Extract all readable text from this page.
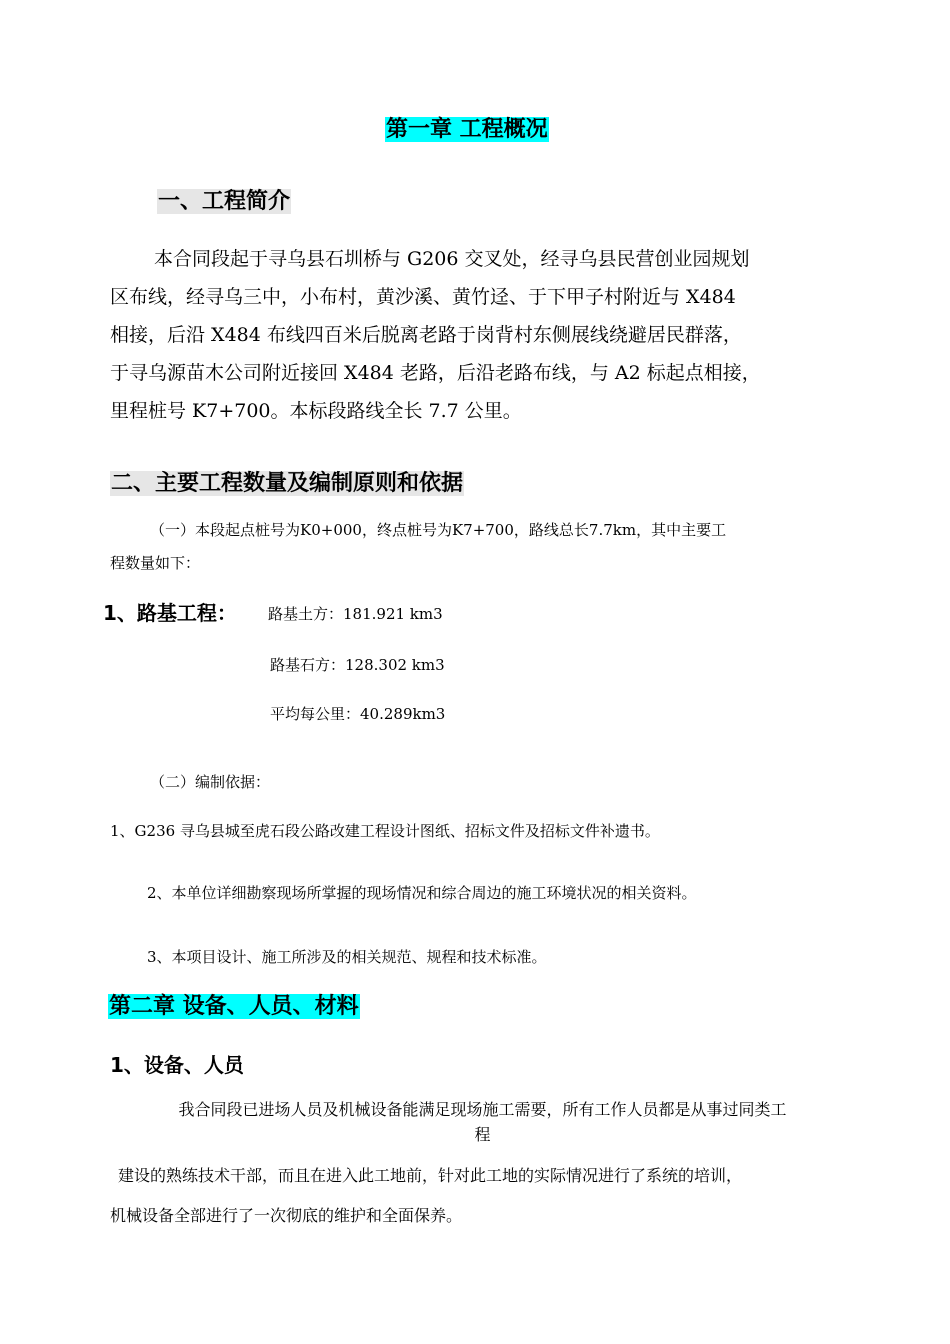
第一章 工程概况
一、工程简介
本合同段起于寻乌县石圳桥与 G206 交叉处，经寻乌县民营创业园规划
区布线，经寻乌三中，小布村，黄沙溪、黄竹迳、于下甲子村附近与 X484
相接，后沿 X484 布线四百米后脱离老路于岗背村东侧展线绕避居民群落，
于寻乌源苗木公司附近接回 X484 老路，后沿老路布线，与 A2 标起点相接，
里程桩号 K7+700。本标段路线全长 7.7 公里。
二、主要工程数量及编制原则和依据
（一）本段起点桩号为K0+000，终点桩号为K7+700，路线总长7.7km，其中主要工
程数量如下：
1、路基工程： 路基土方：181.921 km3
路基石方：128.302 km3
平均每公里：40.289km3
（二）编制依据：
1、G236 寻乌县城至虎石段公路改建工程设计图纸、招标文件及招标文件补遗书。
2、本单位详细勘察现场所掌握的现场情况和综合周边的施工环境状况的相关资料。
3、本项目设计、施工所涉及的相关规范、规程和技术标准。
第二章 设备、人员、材料
1、设备、人员
我合同段已进场人员及机械设备能满足现场施工需要，所有工作人员都是从事过同类工
程
建设的熟练技术干部，而且在进入此工地前，针对此工地的实际情况进行了系统的培训，
机械设备全部进行了一次彻底的维护和全面保养。
